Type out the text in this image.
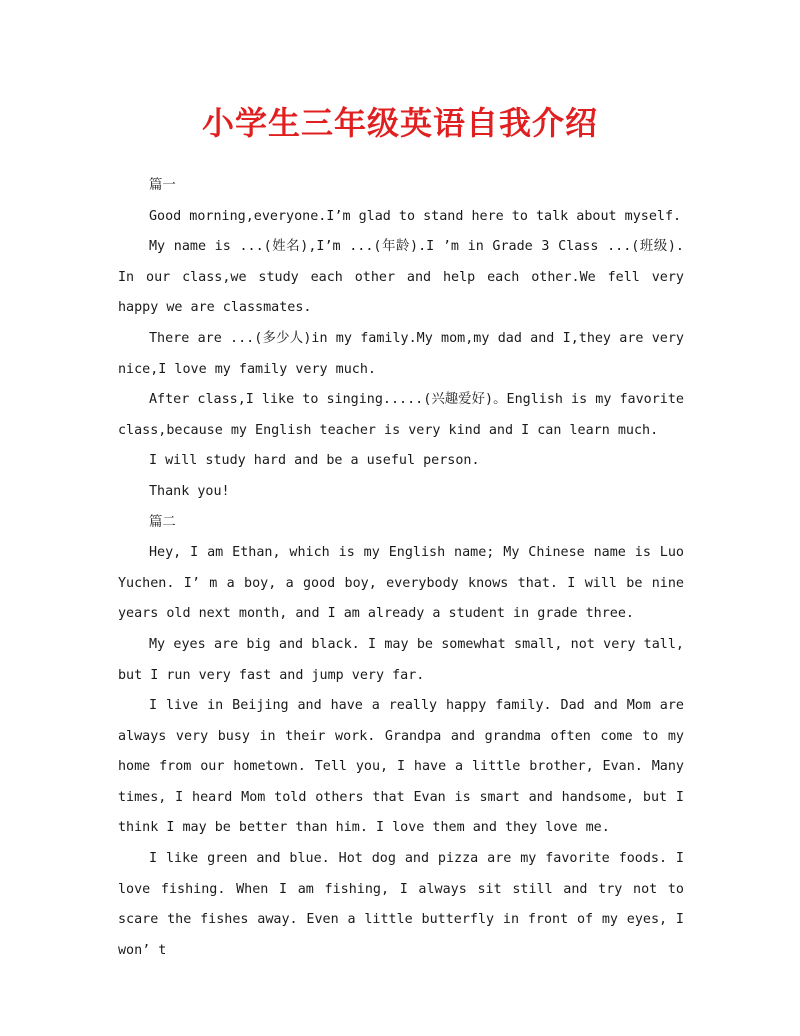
小学生三年级英语自我介绍

篇一

Good morning,everyone.I’m glad to stand here to talk about myself.

My name is ...(姓名),I’m ...(年龄).I ’m in Grade 3 Class ...(班级). In our class,we study each other and help each other.We fell very happy we are classmates.

There are ...(多少人)in my family.My mom,my dad and I,they are very nice,I love my family very much.

After class,I like to singing.....(兴趣爱好)。English is my favorite class,because my English teacher is very kind and I can learn much.

I will study hard and be a useful person.

Thank you!

篇二

Hey, I am Ethan, which is my English name; My Chinese name is Luo Yuchen. I’ m a boy, a good boy, everybody knows that. I will be nine years old next month, and I am already a student in grade three.

My eyes are big and black. I may be somewhat small, not very tall, but I run very fast and jump very far.

I live in Beijing and have a really happy family. Dad and Mom are always very busy in their work. Grandpa and grandma often come to my home from our hometown. Tell you, I have a little brother, Evan. Many times, I heard Mom told others that Evan is smart and handsome, but I think I may be better than him. I love them and they love me.

I like green and blue. Hot dog and pizza are my favorite foods. I love fishing. When I am fishing, I always sit still and try not to scare the fishes away. Even a little butterfly in front of my eyes, I won’ t
